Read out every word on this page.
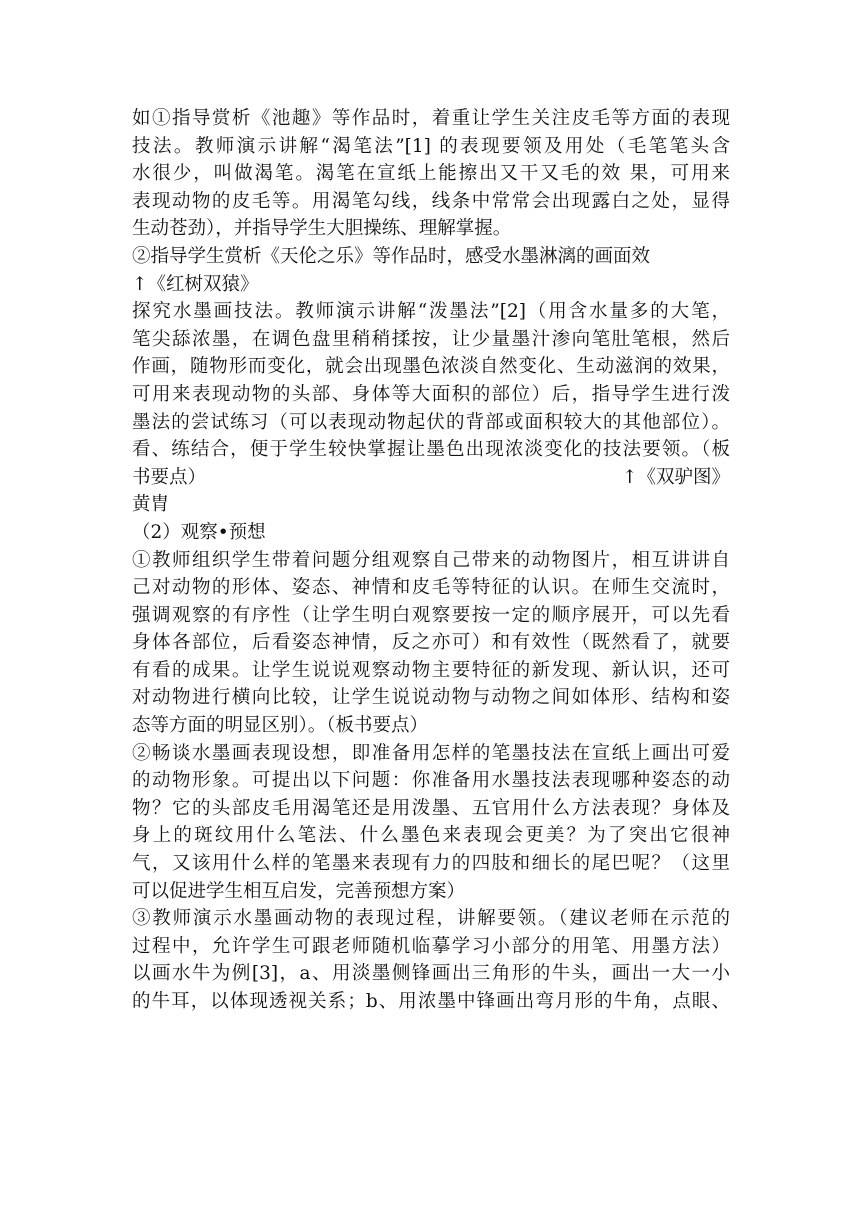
如①指导赏析《池趣》等作品时，着重让学生关注皮毛等方面的表现
技法。教师演示讲解“渴笔法”[1] 的表现要领及用处（毛笔笔头含
水很少，叫做渴笔。渴笔在宣纸上能擦出又干又毛的效 果，可用来
表现动物的皮毛等。用渴笔勾线，线条中常常会出现露白之处，显得
生动苍劲），并指导学生大胆操练、理解掌握。
②指导学生赏析《天伦之乐》等作品时，感受水墨淋漓的画面效
↑《红树双猿》
探究水墨画技法。教师演示讲解“泼墨法”[2]（用含水量多的大笔，
笔尖舔浓墨，在调色盘里稍稍揉按，让少量墨汁渗向笔肚笔根，然后
作画，随物形而变化，就会出现墨色浓淡自然变化、生动滋润的效果，
可用来表现动物的头部、身体等大面积的部位）后，指导学生进行泼
墨法的尝试练习（可以表现动物起伏的背部或面积较大的其他部位）。
看、练结合，便于学生较快掌握让墨色出现浓淡变化的技法要领。（板
书要点）	↑《双驴图》
黄胄
（2）观察•预想
①教师组织学生带着问题分组观察自己带来的动物图片，相互讲讲自
己对动物的形体、姿态、神情和皮毛等特征的认识。在师生交流时，
强调观察的有序性（让学生明白观察要按一定的顺序展开，可以先看
身体各部位，后看姿态神情，反之亦可）和有效性（既然看了，就要
有看的成果。让学生说说观察动物主要特征的新发现、新认识，还可
对动物进行横向比较，让学生说说动物与动物之间如体形、结构和姿
态等方面的明显区别）。（板书要点）
②畅谈水墨画表现设想，即准备用怎样的笔墨技法在宣纸上画出可爱
的动物形象。可提出以下问题：你准备用水墨技法表现哪种姿态的动
物？它的头部皮毛用渴笔还是用泼墨、五官用什么方法表现？身体及
身上的斑纹用什么笔法、什么墨色来表现会更美？为了突出它很神
气，又该用什么样的笔墨来表现有力的四肢和细长的尾巴呢？（这里
可以促进学生相互启发，完善预想方案）
③教师演示水墨画动物的表现过程，讲解要领。（建议老师在示范的
过程中，允许学生可跟老师随机临摹学习小部分的用笔、用墨方法）
以画水牛为例[3]，a、用淡墨侧锋画出三角形的牛头，画出一大一小
的牛耳，以体现透视关系；b、用浓墨中锋画出弯月形的牛角，点眼、
